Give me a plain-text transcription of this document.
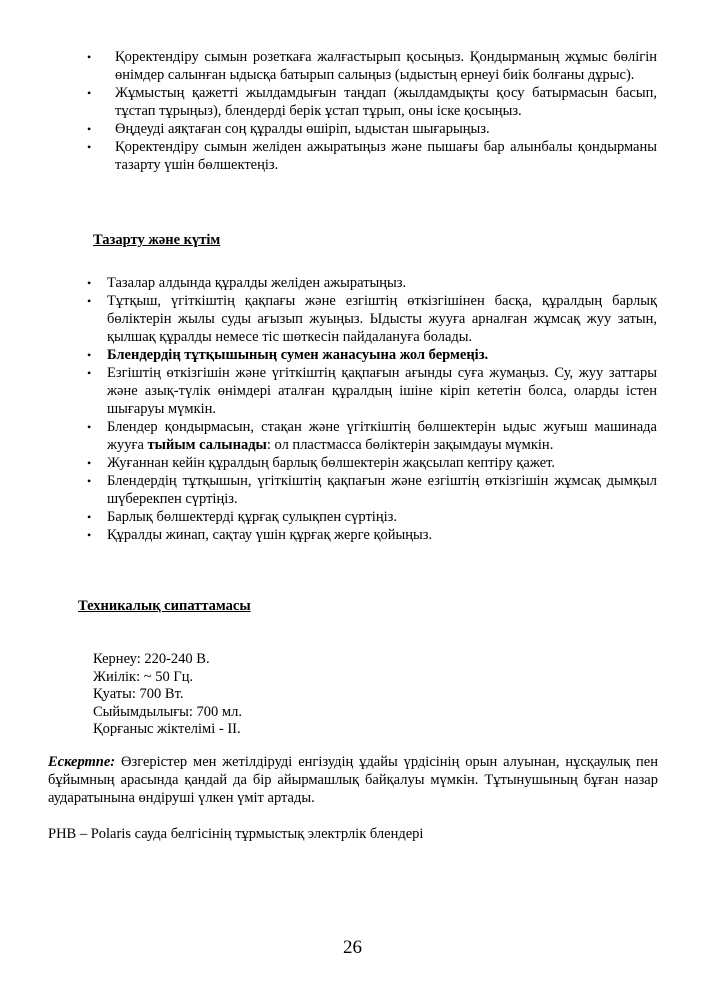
• Қоректендіру сымын розеткаға жалғастырып қосыңыз. Қондырманың жұмыс бөлігін өнімдер салынған ыдысқа батырып салыңыз (ыдыстың ернеуі биік болғаны дұрыс).
• Жұмыстың қажетті жылдамдығын таңдап (жылдамдықты қосу батырмасын басып, тұстап тұрыңыз), блендерді берік ұстап тұрып, оны іске қосыңыз.
• Өңдеуді аяқтаған соң құралды өшіріп, ыдыстан шығарыңыз.
• Қоректендіру сымын желіден ажыратыңыз және пышағы бар алынбалы қондырманы тазарту үшін бөлшектеңіз.
Тазарту және күтім
• Тазалар алдында құралды желіден ажыратыңыз.
• Тұтқыш, үгіткіштің қақпағы және езгіштің өткізгішінен басқа, құралдың барлық бөліктерін жылы суды ағызып жуыңыз. Ыдысты жууға арналған жұмсақ жуу затын, қылшақ құралды немесе тіс шөткесін пайдалануға болады.
• Блендердің тұтқышының сумен жанасуына жол бермеңіз.
• Езгіштің өткізгішін және үгіткіштің қақпағын ағынды суға жумаңыз. Су, жуу заттары және азық-түлік өнімдері аталған құралдың ішіне кіріп кететін болса, оларды істен шығаруы мүмкін.
• Блендер қондырмасын, стақан және үгіткіштің бөлшектерін ыдыс жуғыш машинада жууға тыйым салынады: ол пластмасса бөліктерін зақымдауы мүмкін.
• Жуғаннан кейін құралдың барлық бөлшектерін жақсылап кептіру қажет.
• Блендердің тұтқышын, үгіткіштің қақпағын және езгіштің өткізгішін жұмсақ дымқыл шүберекпен сүртіңіз.
• Барлық бөлшектерді құрғақ сулықпен сүртіңіз.
• Құралды жинап, сақтау үшін құрғақ жерге қойыңыз.
Техникалық сипаттамасы
Кернеу: 220-240 В.
Жиілік: ~ 50 Гц.
Қуаты: 700 Вт.
Сыйымдылығы: 700 мл.
Қорғаныс жіктелімі - II.
Ескертпе: Өзгерістер мен жетілдіруді енгізудің ұдайы үрдісінің орын алуынан, нұсқаулық пен бұйымның арасында қандай да бір айырмашлық байқалуы мүмкін. Тұтынушының бұған назар аударатынына өндіруші үлкен үміт артады.
PHB – Polaris сауда белгісінің тұрмыстық электрлік блендері
26
